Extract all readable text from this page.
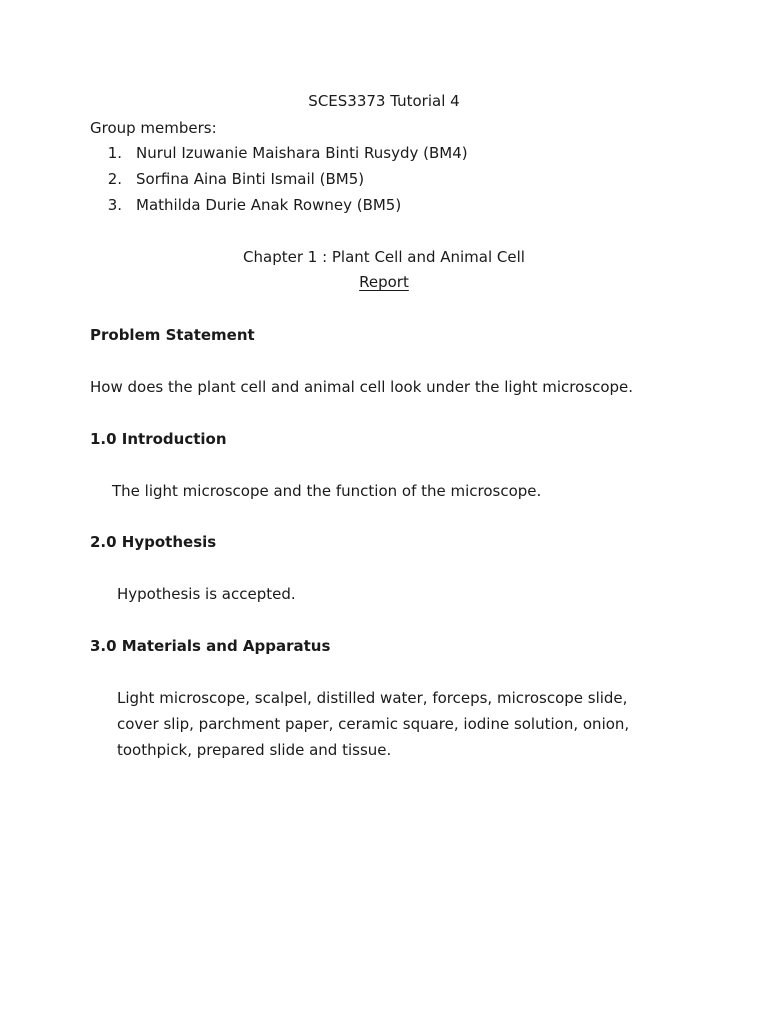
SCES3373 Tutorial 4
Group members:
1. Nurul Izuwanie Maishara Binti Rusydy (BM4)
2. Sorfina Aina Binti Ismail (BM5)
3. Mathilda Durie Anak Rowney (BM5)
Chapter 1 : Plant Cell and Animal Cell
Report
Problem Statement
How does the plant cell and animal cell look under the light microscope.
1.0 Introduction
The light microscope and the function of the microscope.
2.0 Hypothesis
Hypothesis is accepted.
3.0 Materials and Apparatus
Light microscope, scalpel, distilled water, forceps, microscope slide,
cover slip, parchment paper, ceramic square, iodine solution, onion,
toothpick, prepared slide and tissue.
